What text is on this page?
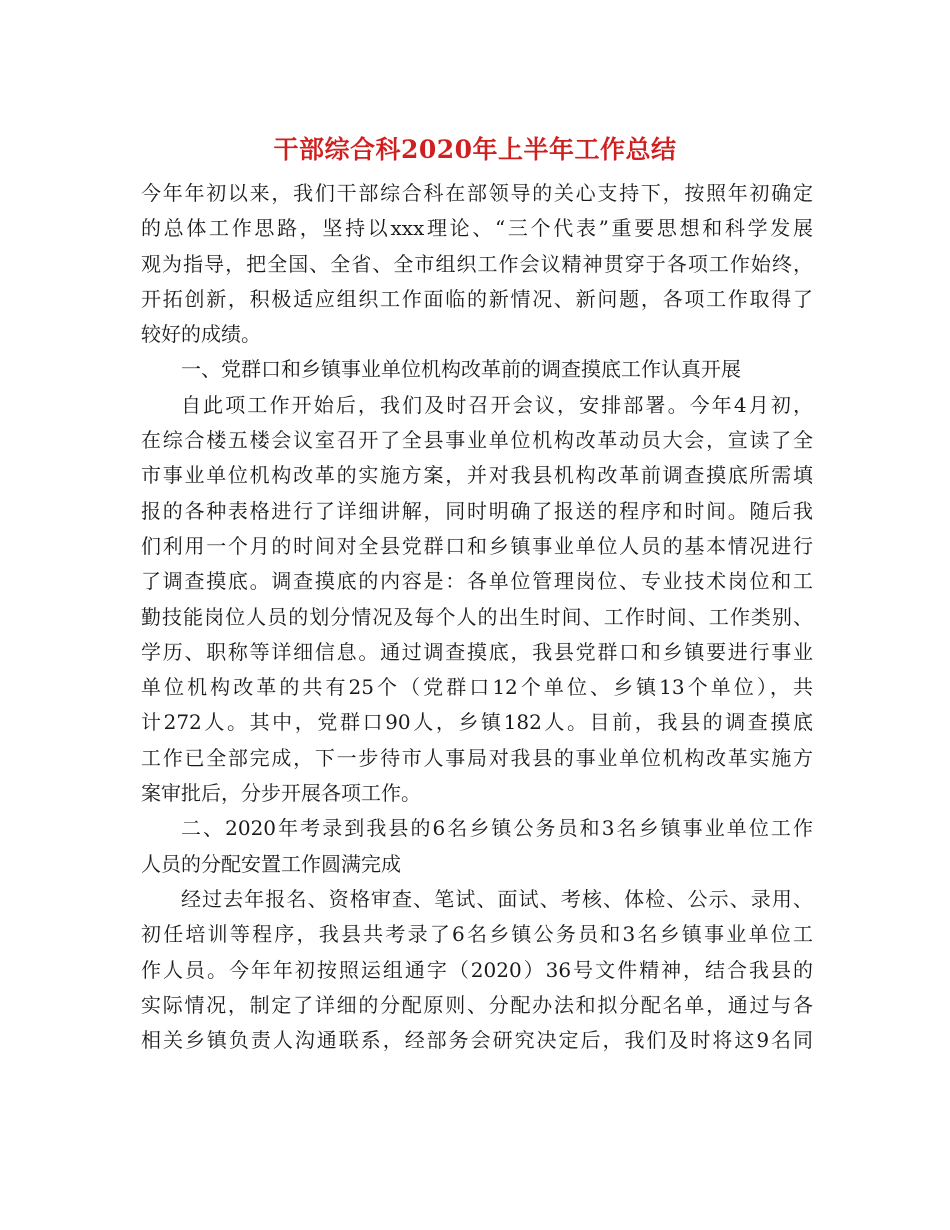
干部综合科2020年上半年工作总结
今年年初以来，我们干部综合科在部领导的关心支持下，按照年初确定
的总体工作思路，坚持以xxx理论、“三个代表”重要思想和科学发展
观为指导，把全国、全省、全市组织工作会议精神贯穿于各项工作始终，
开拓创新，积极适应组织工作面临的新情况、新问题，各项工作取得了
较好的成绩。
一、党群口和乡镇事业单位机构改革前的调查摸底工作认真开展
自此项工作开始后，我们及时召开会议，安排部署。今年4月初，
在综合楼五楼会议室召开了全县事业单位机构改革动员大会，宣读了全
市事业单位机构改革的实施方案，并对我县机构改革前调查摸底所需填
报的各种表格进行了详细讲解，同时明确了报送的程序和时间。随后我
们利用一个月的时间对全县党群口和乡镇事业单位人员的基本情况进行
了调查摸底。调查摸底的内容是：各单位管理岗位、专业技术岗位和工
勤技能岗位人员的划分情况及每个人的出生时间、工作时间、工作类别、
学历、职称等详细信息。通过调查摸底，我县党群口和乡镇要进行事业
单位机构改革的共有25个（党群口12个单位、乡镇13个单位），共
计272人。其中，党群口90人，乡镇182人。目前，我县的调查摸底
工作已全部完成，下一步待市人事局对我县的事业单位机构改革实施方
案审批后，分步开展各项工作。
二、2020年考录到我县的6名乡镇公务员和3名乡镇事业单位工作
人员的分配安置工作圆满完成
经过去年报名、资格审查、笔试、面试、考核、体检、公示、录用、
初任培训等程序，我县共考录了6名乡镇公务员和3名乡镇事业单位工
作人员。今年年初按照运组通字（2020）36号文件精神，结合我县的
实际情况，制定了详细的分配原则、分配办法和拟分配名单，通过与各
相关乡镇负责人沟通联系，经部务会研究决定后，我们及时将这9名同
